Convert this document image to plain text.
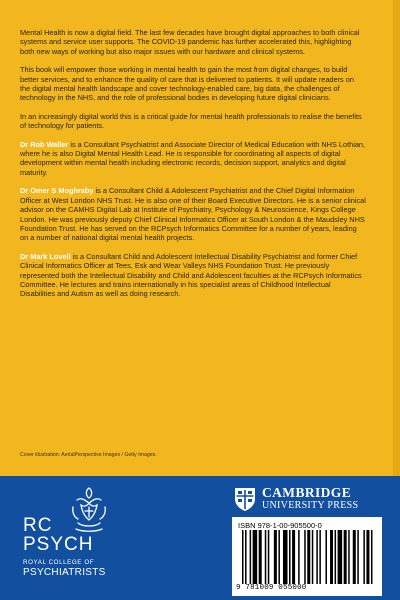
Mental Health is now a digital field. The last few decades have brought digital approaches to both clinical systems and service user supports. The COVID-19 pandemic has further accelerated this, highlighting both new ways of working but also major issues with our hardware and clinical systems.

This book will empower those working in mental health to gain the most from digital changes, to build better services, and to enhance the quality of care that is delivered to patients. It will update readers on the digital mental health landscape and cover technology-enabled care, big data, the challenges of technology in the NHS, and the role of professional bodies in developing future digital clinicians.

In an increasingly digital world this is a critical guide for mental health professionals to realise the benefits of technology for patients.

Dr Rob Waller is a Consultant Psychiatrist and Associate Director of Medical Education with NHS Lothian, where he is also Digital Mental Health Lead. He is responsible for coordinating all aspects of digital development within mental health including electronic records, decision support, analytics and digital maturity.

Dr Omer S Moghraby is a Consultant Child & Adolescent Psychiatrist and the Chief Digital Information Officer at West London NHS Trust. He is also one of their Board Executive Directors. He is a senior clinical advisor on the CAMHS Digital Lab at Institute of Psychiatry, Psychology & Neuroscience, Kings College London. He was previously deputy Chief Clinical Informatics Officer at South London & the Maudsley NHS Foundation Trust. He has served on the RCPsych Informatics Committee for a number of years, leading on a number of national digital mental health projects.

Dr Mark Lovell is a Consultant Child and Adolescent Intellectual Disability Psychiatrist and former Chief Clinical Informatics Officer at Tees, Esk and Wear Valleys NHS Foundation Trust. He previously represented both the Intellectual Disability and Child and Adolescent faculties at the RCPsych Informatics Committee. He lectures and trains internationally in his specialist areas of Childhood Intellectual Disabilities and Autism as well as doing research.

Cover illustration: AerialPerspective Images / Getty Images.
RC
PSYCH
ROYAL COLLEGE OF
PSYCHIATRISTS
CAMBRIDGE
UNIVERSITY PRESS
ISBN 978-1-00-905500-0
9 781009 055000
